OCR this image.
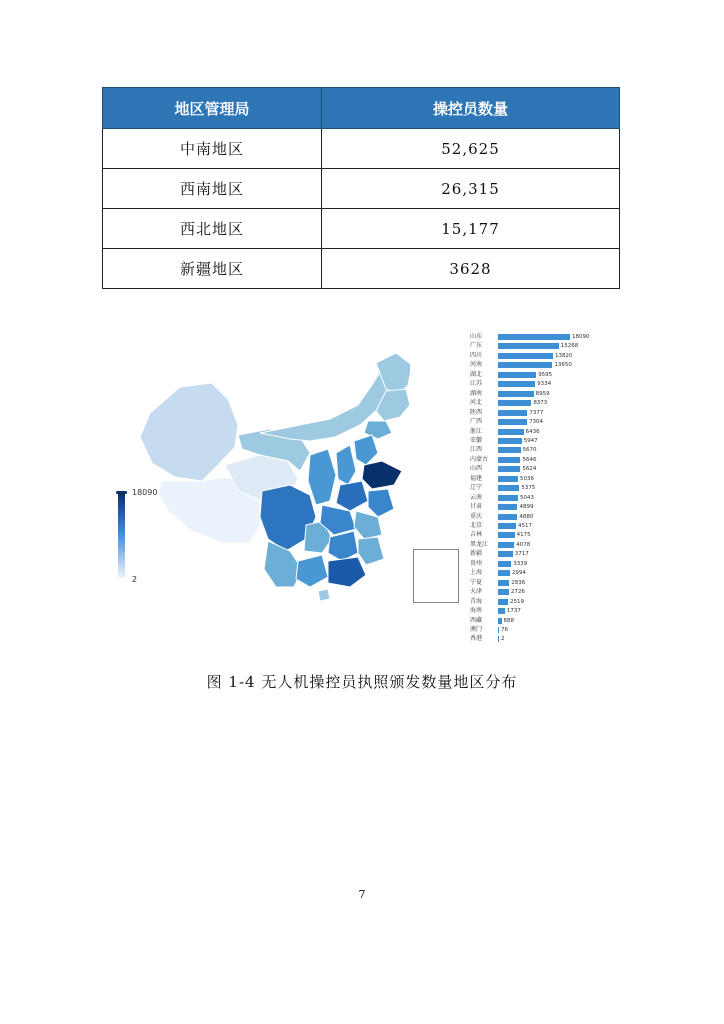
地区管理局	操控员数量
中南地区	52,625
西南地区	26,315
西北地区	15,177
新疆地区	3628
18090
2
山东	18090
广东	15268
四川	13820
河南	13650
湖北	9595
江苏	9334
湖南	8959
河北	8373
陕西	7377
广西	7304
浙江	6436
安徽	5947
江西	5670
内蒙古	5646
山西	5624
福建	5036
辽宁	5375
云南	5043
甘肃	4899
重庆	4880
北京	4517
吉林	4175
黑龙江	4078
新疆	3717
贵州	3339
上海	2994
宁夏	2836
天津	2726
青海	2519
海南	1737
西藏	888
澳门	76
香港	2
图 1-4 无人机操控员执照颁发数量地区分布
7
